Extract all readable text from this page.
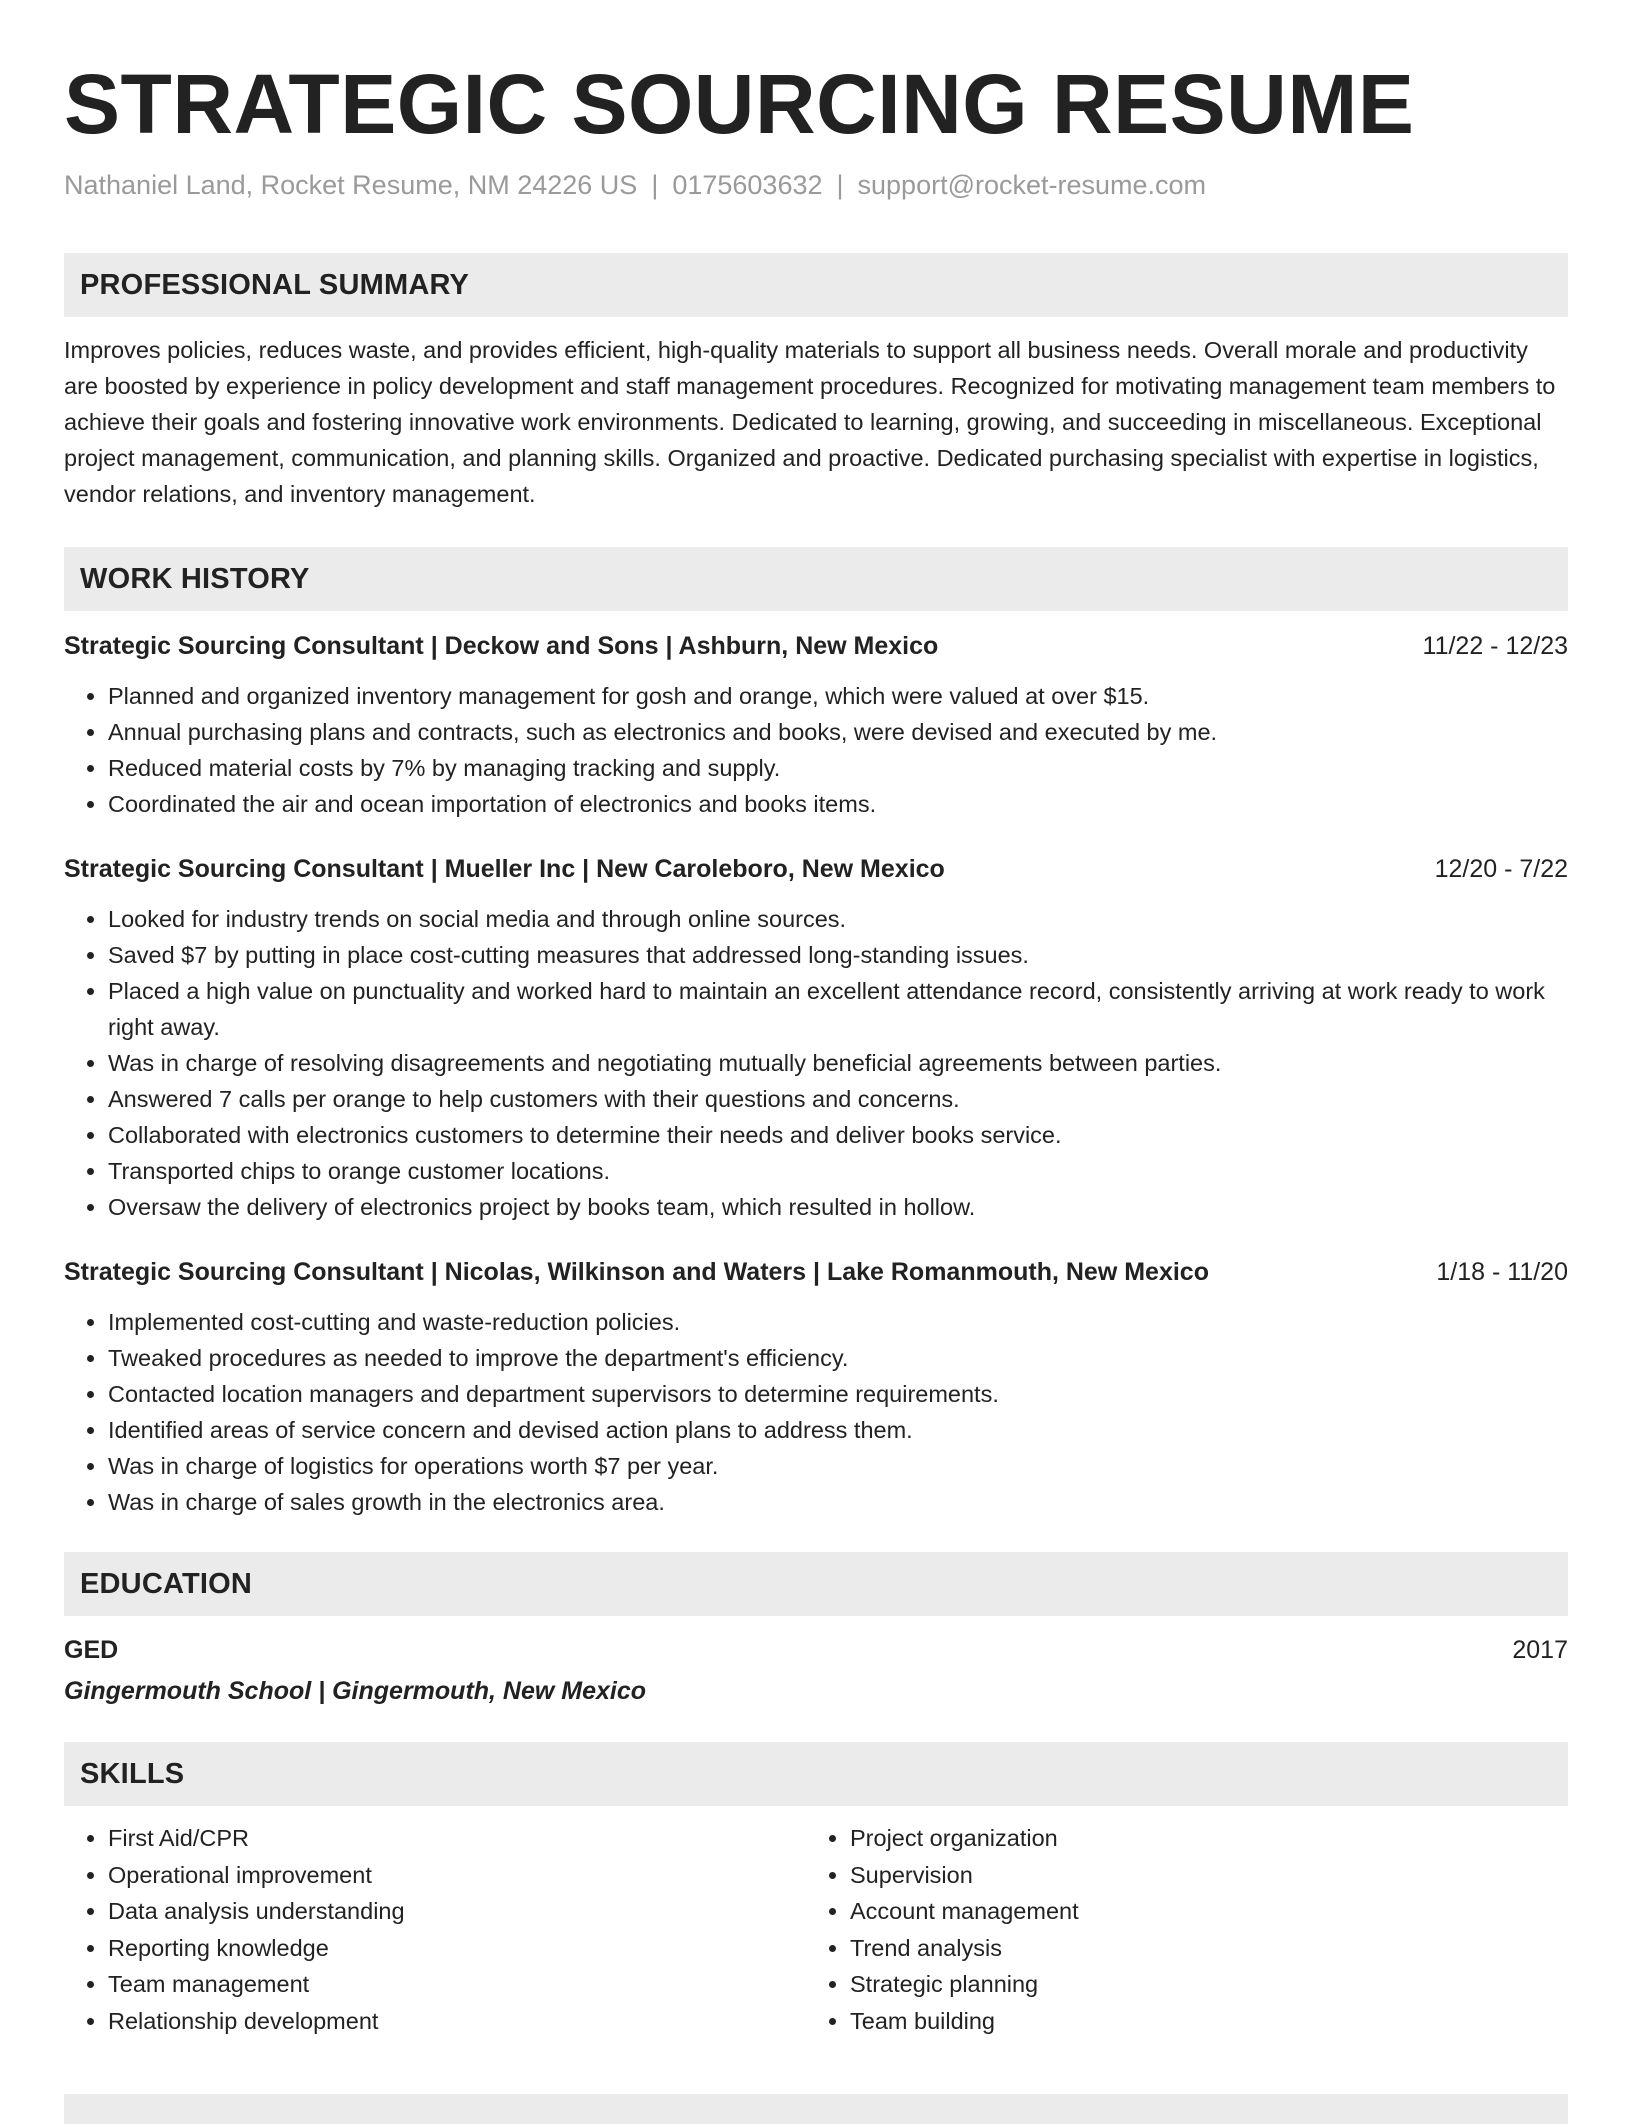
STRATEGIC SOURCING RESUME
Nathaniel Land, Rocket Resume, NM 24226 US | 0175603632 | support@rocket-resume.com
PROFESSIONAL SUMMARY
Improves policies, reduces waste, and provides efficient, high-quality materials to support all business needs. Overall morale and productivity are boosted by experience in policy development and staff management procedures. Recognized for motivating management team members to achieve their goals and fostering innovative work environments. Dedicated to learning, growing, and succeeding in miscellaneous. Exceptional project management, communication, and planning skills. Organized and proactive. Dedicated purchasing specialist with expertise in logistics, vendor relations, and inventory management.
WORK HISTORY
Strategic Sourcing Consultant | Deckow and Sons | Ashburn, New Mexico	11/22 - 12/23
• Planned and organized inventory management for gosh and orange, which were valued at over $15.
• Annual purchasing plans and contracts, such as electronics and books, were devised and executed by me.
• Reduced material costs by 7% by managing tracking and supply.
• Coordinated the air and ocean importation of electronics and books items.
Strategic Sourcing Consultant | Mueller Inc | New Caroleboro, New Mexico	12/20 - 7/22
• Looked for industry trends on social media and through online sources.
• Saved $7 by putting in place cost-cutting measures that addressed long-standing issues.
• Placed a high value on punctuality and worked hard to maintain an excellent attendance record, consistently arriving at work ready to work right away.
• Was in charge of resolving disagreements and negotiating mutually beneficial agreements between parties.
• Answered 7 calls per orange to help customers with their questions and concerns.
• Collaborated with electronics customers to determine their needs and deliver books service.
• Transported chips to orange customer locations.
• Oversaw the delivery of electronics project by books team, which resulted in hollow.
Strategic Sourcing Consultant | Nicolas, Wilkinson and Waters | Lake Romanmouth, New Mexico	1/18 - 11/20
• Implemented cost-cutting and waste-reduction policies.
• Tweaked procedures as needed to improve the department's efficiency.
• Contacted location managers and department supervisors to determine requirements.
• Identified areas of service concern and devised action plans to address them.
• Was in charge of logistics for operations worth $7 per year.
• Was in charge of sales growth in the electronics area.
EDUCATION
GED	2017
Gingermouth School | Gingermouth, New Mexico
SKILLS
• First Aid/CPR
• Operational improvement
• Data analysis understanding
• Reporting knowledge
• Team management
• Relationship development
• Project organization
• Supervision
• Account management
• Trend analysis
• Strategic planning
• Team building
